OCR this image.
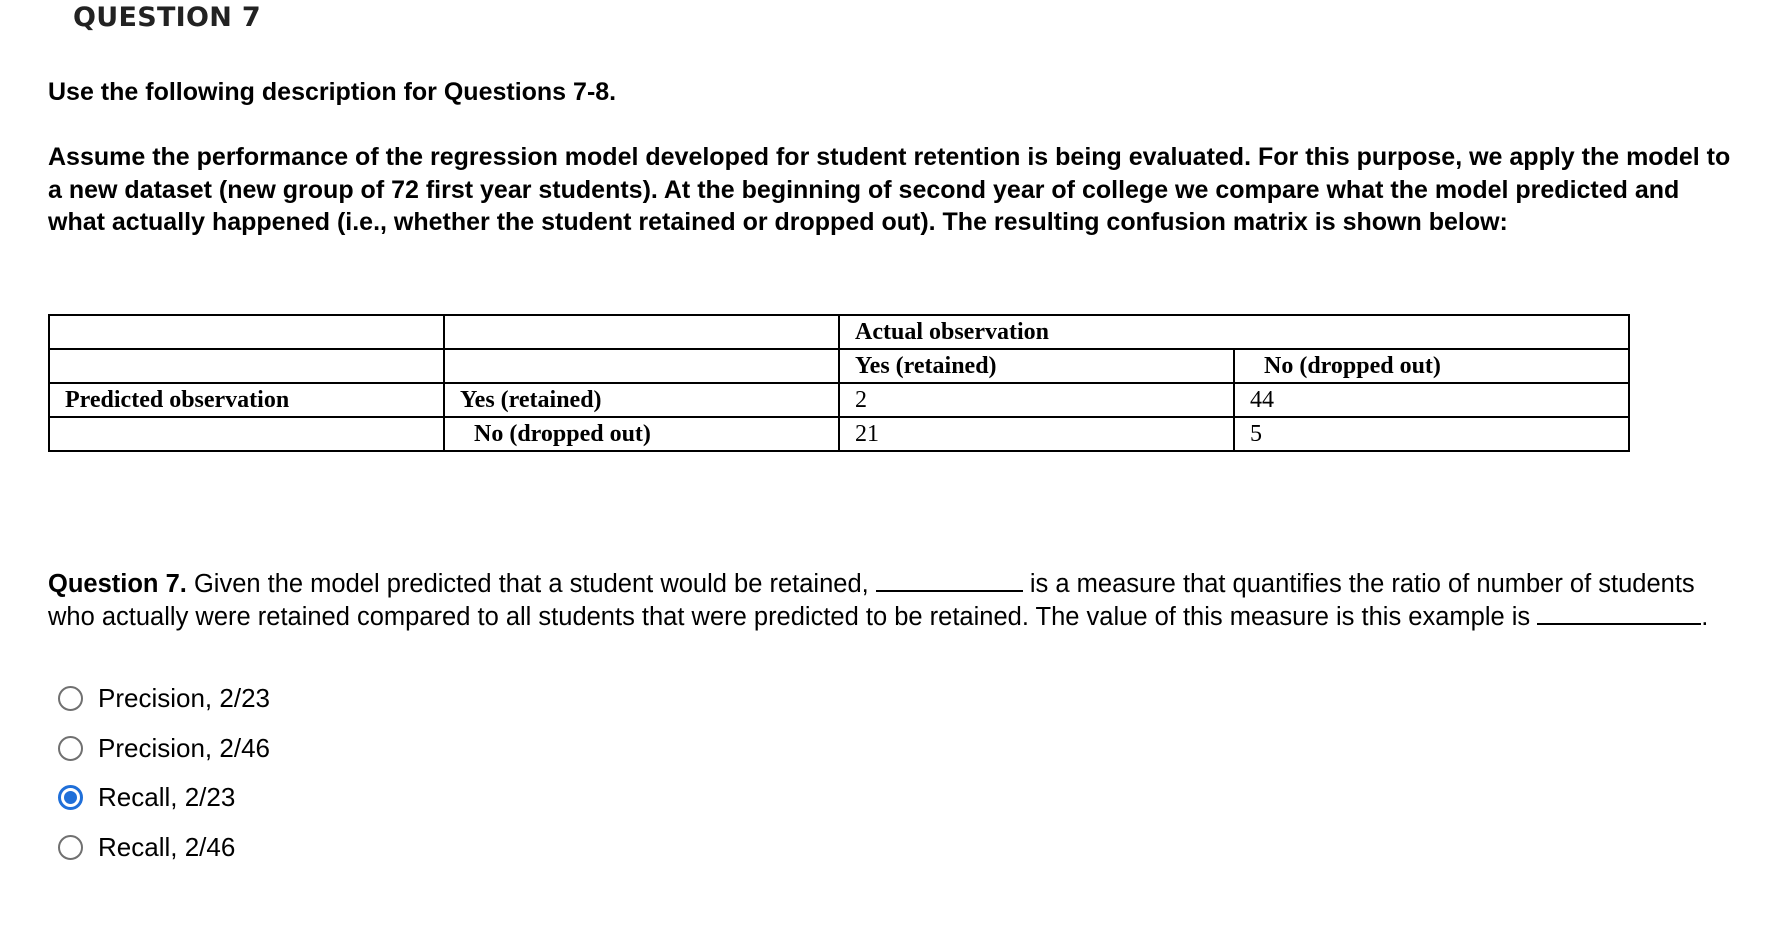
QUESTION 7
Use the following description for Questions 7-8.
Assume the performance of the regression model developed for student retention is being evaluated. For this purpose, we apply the model to a new dataset (new group of 72 first year students). At the beginning of second year of college we compare what the model predicted and what actually happened (i.e., whether the student retained or dropped out). The resulting confusion matrix is shown below:
		Actual observation	
		Yes (retained)	No (dropped out)
Predicted observation	Yes (retained)	2	44
	No (dropped out)	21	5
Question 7. Given the model predicted that a student would be retained,	is a measure that quantifies the ratio of number of students who actually were retained compared to all students that were predicted to be retained. The value of this measure is this example is	.
Precision, 2/23
Precision, 2/46
Recall, 2/23
Recall, 2/46
